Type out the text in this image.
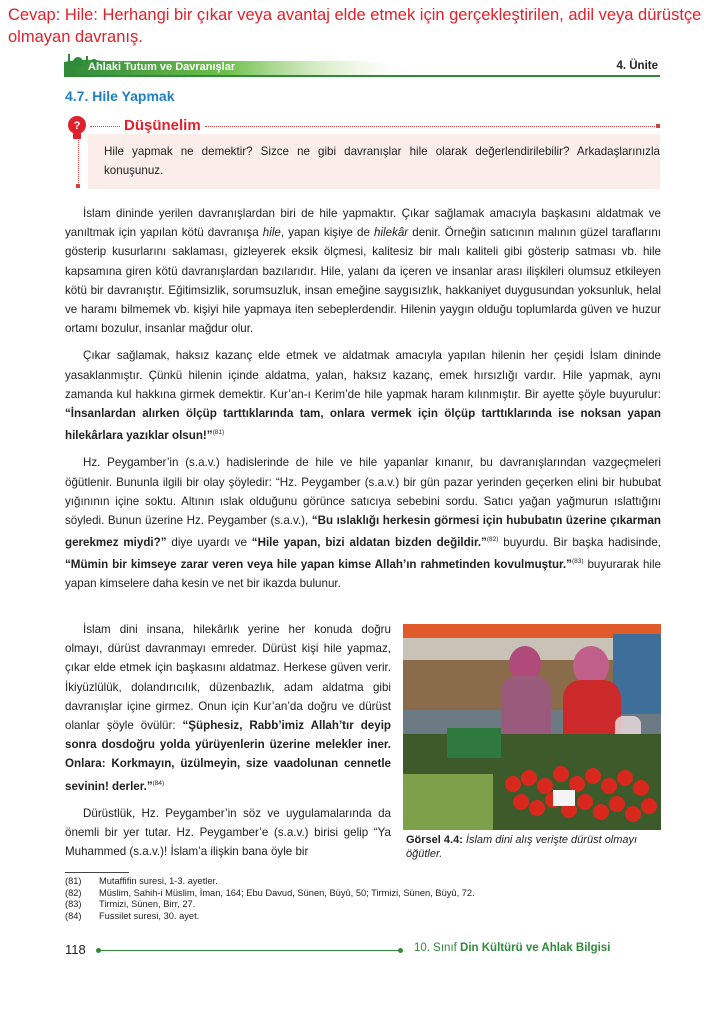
Cevap: Hile: Herhangi bir çıkar veya avantaj elde etmek için gerçekleştirilen, adil veya dürüstçe olmayan davranış.
Ahlaki Tutum ve Davranışlar	4. Ünite
4.7. Hile Yapmak
?	Düşünelim
Hile yapmak ne demektir? Sizce ne gibi davranışlar hile olarak değerlendirilebilir? Arkadaşlarınızla konuşunuz.

İslam dininde yerilen davranışlardan biri de hile yapmaktır. Çıkar sağlamak amacıyla başkasını aldatmak ve yanıltmak için yapılan kötü davranışa hile, yapan kişiye de hilekâr denir. Örneğin satıcının malının güzel taraflarını gösterip kusurlarını saklaması, gizleyerek eksik ölçmesi, kalitesiz bir malı kaliteli gibi gösterip satması vb. hile kapsamına giren kötü davranışlardan bazılarıdır. Hile, yalanı da içeren ve insanlar arası ilişkileri olumsuz etkileyen kötü bir davranıştır. Eğitimsizlik, sorumsuzluk, insan emeğine saygısızlık, hakkaniyet duygusundan yoksunluk, helal ve haramı bilmemek vb. kişiyi hile yapmaya iten sebeplerdendir. Hilenin yaygın olduğu toplumlarda güven ve huzur ortamı bozulur, insanlar mağdur olur.

Çıkar sağlamak, haksız kazanç elde etmek ve aldatmak amacıyla yapılan hilenin her çeşidi İslam dininde yasaklanmıştır. Çünkü hilenin içinde aldatma, yalan, haksız kazanç, emek hırsızlığı vardır. Hile yapmak, aynı zamanda kul hakkına girmek demektir. Kur’an-ı Kerim’de hile yapmak haram kılınmıştır. Bir ayette şöyle buyurulur: “İnsanlardan alırken ölçüp tarttıklarında tam, onlara vermek için ölçüp tarttıklarında ise noksan yapan hilekârlara yazıklar olsun!”$^{(81)}$

Hz. Peygamber’in (s.a.v.) hadislerinde de hile ve hile yapanlar kınanır, bu davranışlarından vazgeçmeleri öğütlenir. Bununla ilgili bir olay şöyledir: “Hz. Peygamber (s.a.v.) bir gün pazar yerinden geçerken elini bir hububat yığınının içine soktu. Altının ıslak olduğunu görünce satıcıya sebebini sordu. Satıcı yağan yağmurun ıslattığını söyledi. Bunun üzerine Hz. Peygamber (s.a.v.), “Bu ıslaklığı herkesin görmesi için hububatın üzerine çıkarman gerekmez miydi?” diye uyardı ve “Hile yapan, bizi aldatan bizden değildir.”$^{(82)}$ buyurdu. Bir başka hadisinde, “Mümin bir kimseye zarar veren veya hile yapan kimse Allah’ın rahmetinden kovulmuştur.”$^{(83)}$ buyurarak hile yapan kimselere daha kesin ve net bir ikazda bulunur.

İslam dini insana, hilekârlık yerine her konuda doğru olmayı, dürüst davranmayı emreder. Dürüst kişi hile yapmaz, çıkar elde etmek için başkasını aldatmaz. Herkese güven verir. İkiyüzlülük, dolandırıcılık, düzenbazlık, adam aldatma gibi davranışlar içine girmez. Onun için Kur’an’da doğru ve dürüst olanlar şöyle övülür: “Şüphesiz, Rabb’imiz Allah’tır deyip sonra dosdoğru yolda yürüyenlerin üzerine melekler iner. Onlara: Korkmayın, üzülmeyin, size vaadolunan cennetle sevinin! derler.”$^{(84)}$

Dürüstlük, Hz. Peygamber’in söz ve uygulamalarında da önemli bir yer tutar. Hz. Peygamber’e (s.a.v.) birisi gelip “Ya Muhammed (s.a.v.)! İslam’a ilişkin bana öyle bir

Görsel 4.4: İslam dini alış verişte dürüst olmayı öğütler.
(81)	Mutaffifin suresi, 1-3. ayetler.
(82)	Müslim, Sahih-i Müslim, İman, 164; Ebu Davud, Sünen, Büyû, 50; Tirmizi, Sünen, Büyû, 72.
(83)	Tirmizi, Sünen, Birr, 27.
(84)	Fussilet suresi, 30. ayet.
118	10. Sınıf Din Kültürü ve Ahlak Bilgisi
